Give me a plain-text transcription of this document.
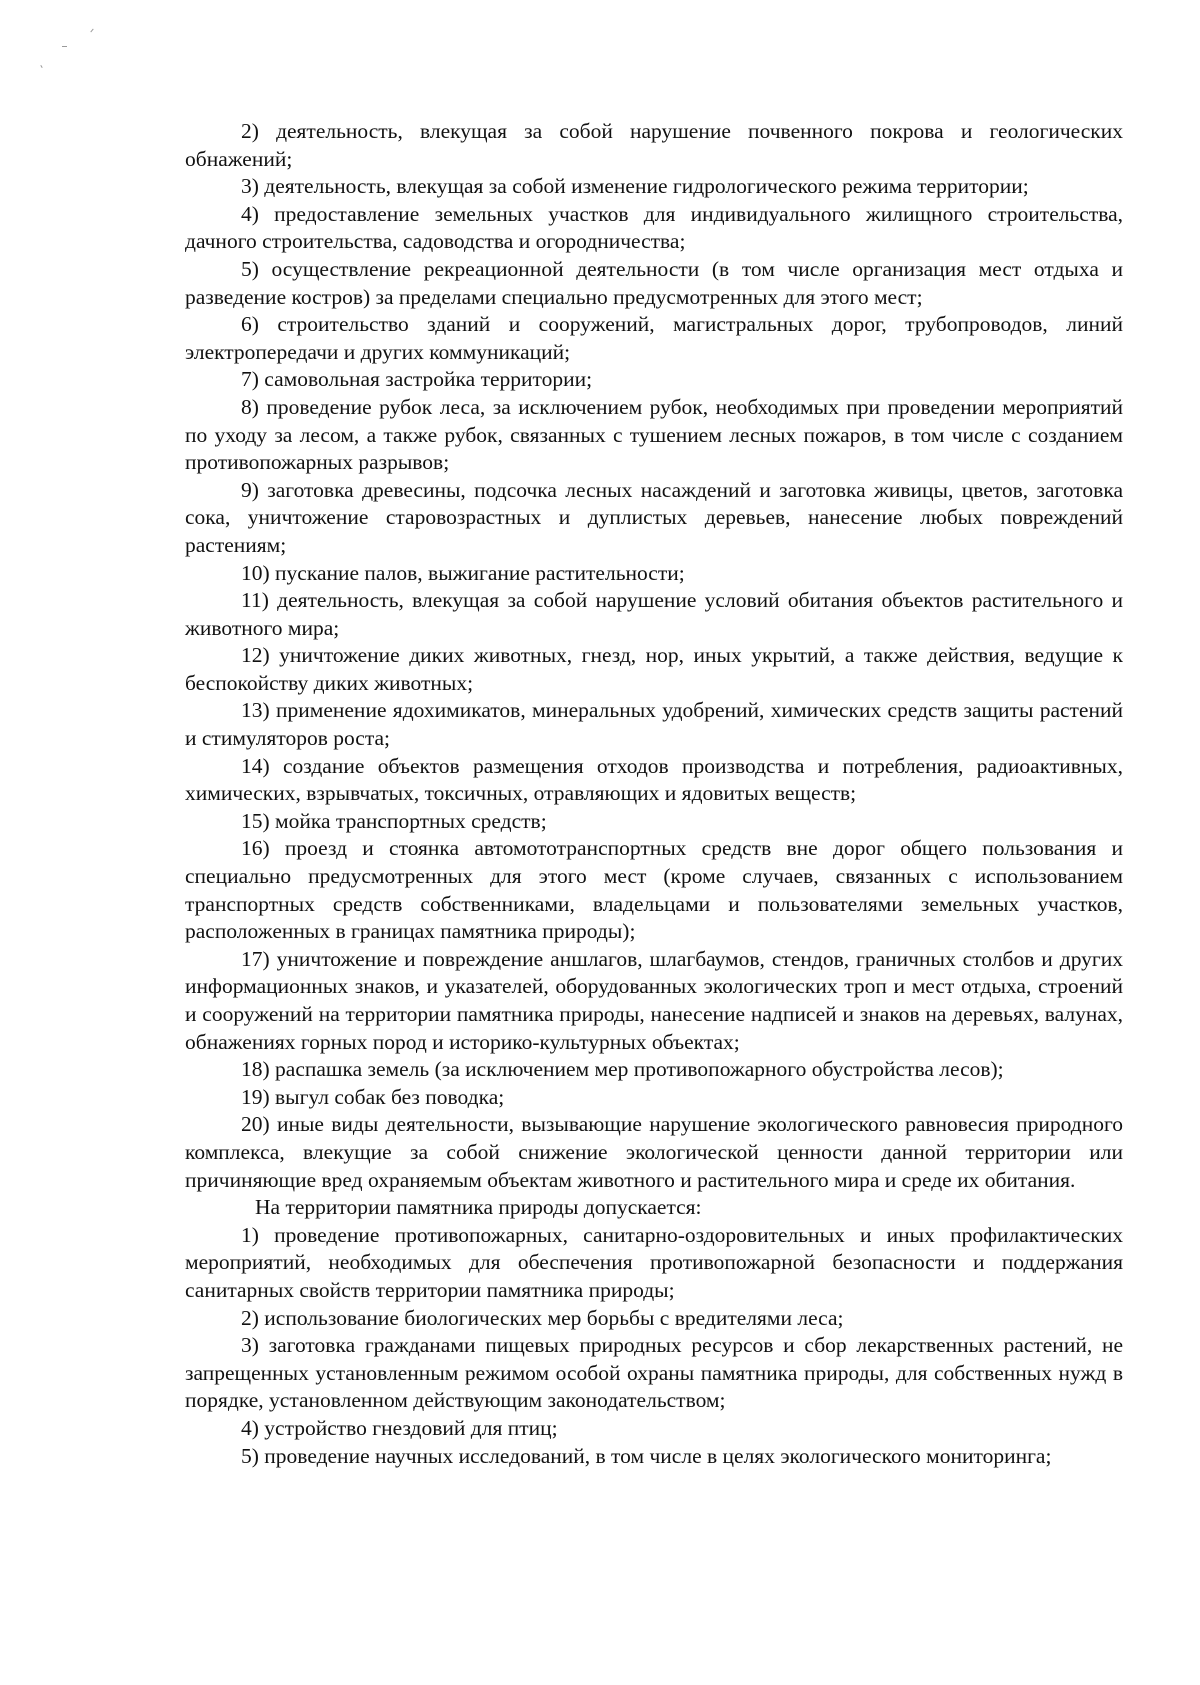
2) деятельность, влекущая за собой нарушение почвенного покрова и геологических обнажений;

3) деятельность, влекущая за собой изменение гидрологического режима территории;

4) предоставление земельных участков для индивидуального жилищного строительства, дачного строительства, садоводства и огородничества;

5) осуществление рекреационной деятельности (в том числе организация мест отдыха и разведение костров) за пределами специально предусмотренных для этого мест;

6) строительство зданий и сооружений, магистральных дорог, трубопроводов, линий электропередачи и других коммуникаций;

7) самовольная застройка территории;

8) проведение рубок леса, за исключением рубок, необходимых при проведении мероприятий по уходу за лесом, а также рубок, связанных с тушением лесных пожаров, в том числе с созданием противопожарных разрывов;

9) заготовка древесины, подсочка лесных насаждений и заготовка живицы, цветов, заготовка сока, уничтожение старовозрастных и дуплистых деревьев, нанесение любых повреждений растениям;

10) пускание палов, выжигание растительности;

11) деятельность, влекущая за собой нарушение условий обитания объектов растительного и животного мира;

12) уничтожение диких животных, гнезд, нор, иных укрытий, а также действия, ведущие к беспокойству диких животных;

13) применение ядохимикатов, минеральных удобрений, химических средств защиты растений и стимуляторов роста;

14) создание объектов размещения отходов производства и потребления, радиоактивных, химических, взрывчатых, токсичных, отравляющих и ядовитых веществ;

15) мойка транспортных средств;

16) проезд и стоянка автомототранспортных средств вне дорог общего пользования и специально предусмотренных для этого мест (кроме случаев, связанных с использованием транспортных средств собственниками, владельцами и пользователями земельных участков, расположенных в границах памятника природы);

17) уничтожение и повреждение аншлагов, шлагбаумов, стендов, граничных столбов и других информационных знаков, и указателей, оборудованных экологических троп и мест отдыха, строений и сооружений на территории памятника природы, нанесение надписей и знаков на деревьях, валунах, обнажениях горных пород и историко-культурных объектах;

18) распашка земель (за исключением мер противопожарного обустройства лесов);

19) выгул собак без поводка;

20) иные виды деятельности, вызывающие нарушение экологического равновесия природного комплекса, влекущие за собой снижение экологической ценности данной территории или причиняющие вред охраняемым объектам животного и растительного мира и среде их обитания.

На территории памятника природы допускается:

1) проведение противопожарных, санитарно-оздоровительных и иных профилактических мероприятий, необходимых для обеспечения противопожарной безопасности и поддержания санитарных свойств территории памятника природы;

2) использование биологических мер борьбы с вредителями леса;

3) заготовка гражданами пищевых природных ресурсов и сбор лекарственных растений, не запрещенных установленным режимом особой охраны памятника природы, для собственных нужд в порядке, установленном действующим законодательством;

4) устройство гнездовий для птиц;

5) проведение научных исследований, в том числе в целях экологического мониторинга;
